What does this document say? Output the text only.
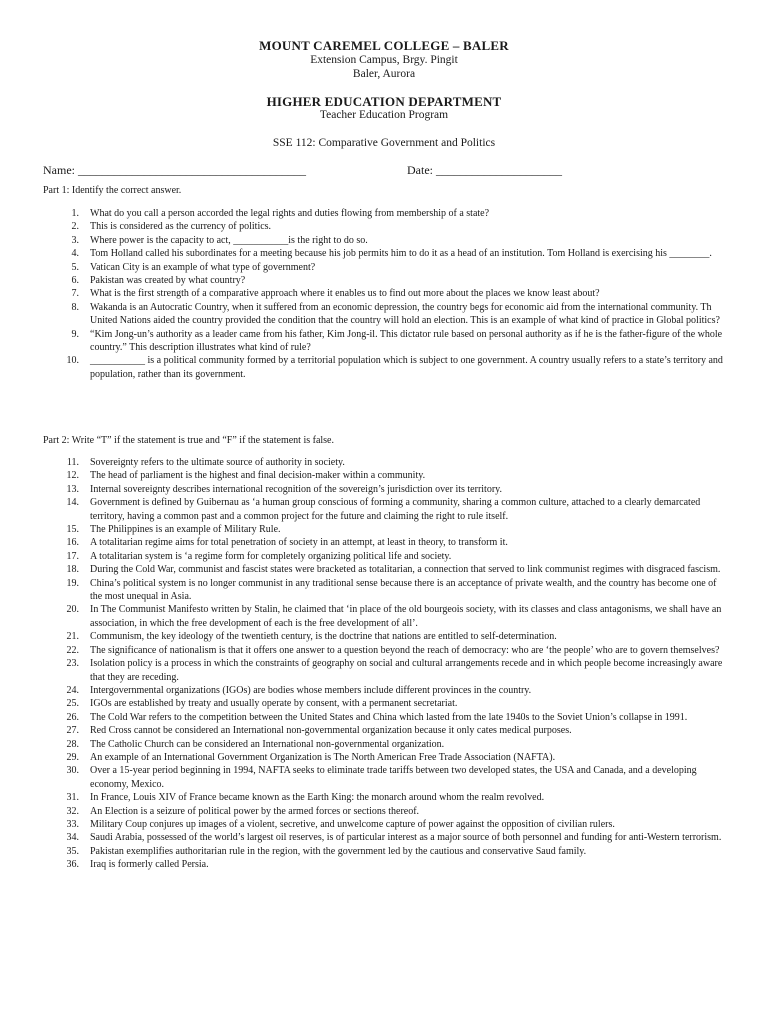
MOUNT CAREMEL COLLEGE – BALER
Extension Campus, Brgy. Pingit
Baler, Aurora
HIGHER EDUCATION DEPARTMENT
Teacher Education Program
SSE 112: Comparative Government and Politics
Name: ______________________________________	Date: _____________________
Part 1: Identify the correct answer.
1. What do you call a person accorded the legal rights and duties flowing from membership of a state?
2. This is considered as the currency of politics.
3. Where power is the capacity to act, ___________is the right to do so.
4. Tom Holland called his subordinates for a meeting because his job permits him to do it as a head of an institution. Tom Holland is exercising his ________.
5. Vatican City is an example of what type of government?
6. Pakistan was created by what country?
7. What is the first strength of a comparative approach where it enables us to find out more about the places we know least about?
8. Wakanda is an Autocratic Country, when it suffered from an economic depression, the country begs for economic aid from the international community. Th United Nations aided the country provided the condition that the country will hold an election. This is an example of what kind of practice in Global politics?
9. “Kim Jong-un’s authority as a leader came from his father, Kim Jong-il. This dictator rule based on personal authority as if he is the father-figure of the whole country.” This description illustrates what kind of rule?
10. ___________ is a political community formed by a territorial population which is subject to one government. A country usually refers to a state’s territory and population, rather than its government.
Part 2: Write “T” if the statement is true and “F” if the statement is false.
11. Sovereignty refers to the ultimate source of authority in society.
12. The head of parliament is the highest and final decision-maker within a community.
13. Internal sovereignty describes international recognition of the sovereign’s jurisdiction over its territory.
14. Government is defined by Guibernau as ‘a human group conscious of forming a community, sharing a common culture, attached to a clearly demarcated territory, having a common past and a common project for the future and claiming the right to rule itself.
15. The Philippines is an example of Military Rule.
16. A totalitarian regime aims for total penetration of society in an attempt, at least in theory, to transform it.
17. A totalitarian system is ‘a regime form for completely organizing political life and society.
18. During the Cold War, communist and fascist states were bracketed as totalitarian, a connection that served to link communist regimes with disgraced fascism.
19. China’s political system is no longer communist in any traditional sense because there is an acceptance of private wealth, and the country has become one of the most unequal in Asia.
20. In The Communist Manifesto written by Stalin, he claimed that ‘in place of the old bourgeois society, with its classes and class antagonisms, we shall have an association, in which the free development of each is the free development of all’.
21. Communism, the key ideology of the twentieth century, is the doctrine that nations are entitled to self-determination.
22. The significance of nationalism is that it offers one answer to a question beyond the reach of democracy: who are ‘the people’ who are to govern themselves?
23. Isolation policy is a process in which the constraints of geography on social and cultural arrangements recede and in which people become increasingly aware that they are receding.
24. Intergovernmental organizations (IGOs) are bodies whose members include different provinces in the country.
25. IGOs are established by treaty and usually operate by consent, with a permanent secretariat.
26. The Cold War refers to the competition between the United States and China which lasted from the late 1940s to the Soviet Union’s collapse in 1991.
27. Red Cross cannot be considered an International non-governmental organization because it only cates medical purposes.
28. The Catholic Church can be considered an International non-governmental organization.
29. An example of an International Government Organization is The North American Free Trade Association (NAFTA).
30. Over a 15-year period beginning in 1994, NAFTA seeks to eliminate trade tariffs between two developed states, the USA and Canada, and a developing economy, Mexico.
31. In France, Louis XIV of France became known as the Earth King: the monarch around whom the realm revolved.
32. An Election is a seizure of political power by the armed forces or sections thereof.
33. Military Coup conjures up images of a violent, secretive, and unwelcome capture of power against the opposition of civilian rulers.
34. Saudi Arabia, possessed of the world’s largest oil reserves, is of particular interest as a major source of both personnel and funding for anti-Western terrorism.
35. Pakistan exemplifies authoritarian rule in the region, with the government led by the cautious and conservative Saud family.
36. Iraq is formerly called Persia.
